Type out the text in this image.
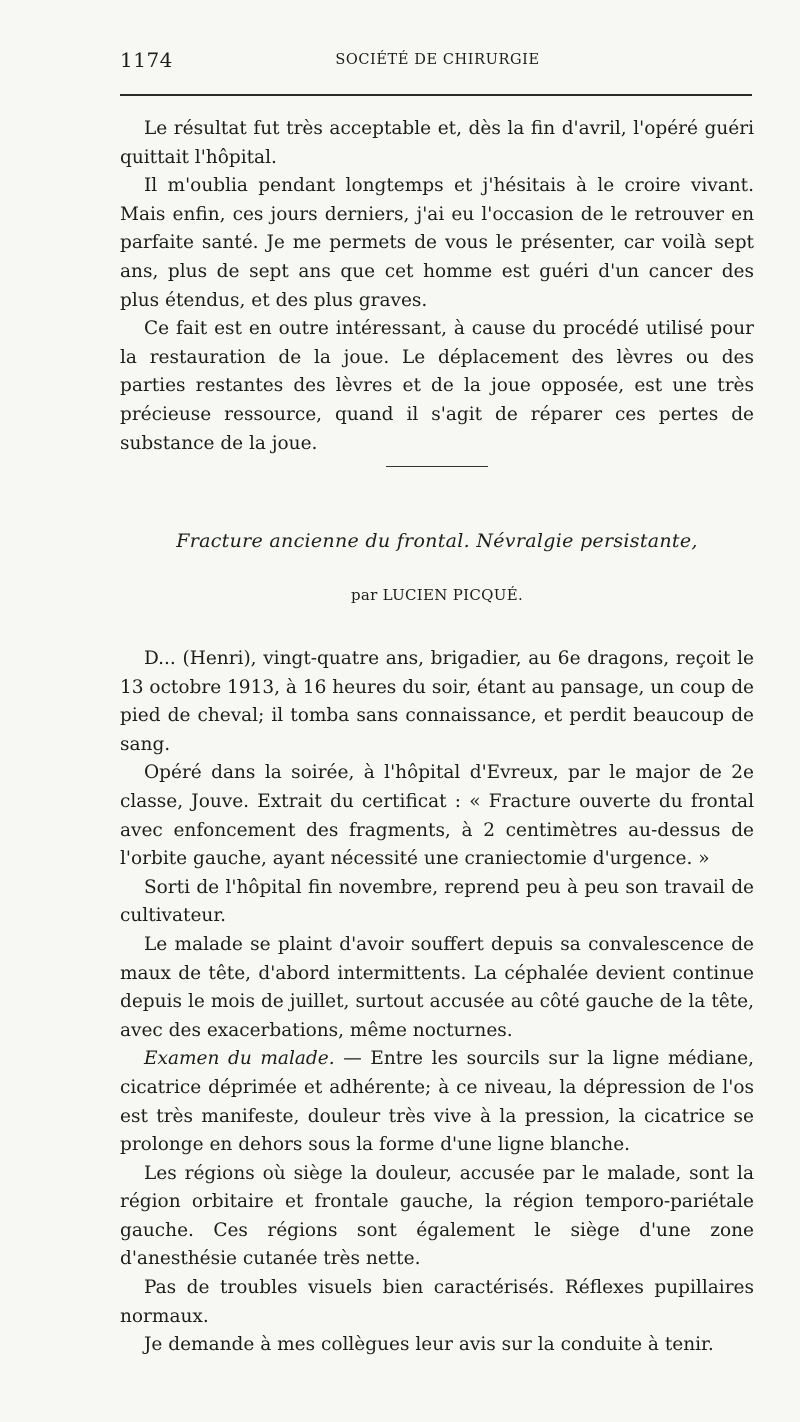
1174	SOCIÉTÉ DE CHIRURGIE

Le résultat fut très acceptable et, dès la fin d'avril, l'opéré guéri quittait l'hôpital.

Il m'oublia pendant longtemps et j'hésitais à le croire vivant. Mais enfin, ces jours derniers, j'ai eu l'occasion de le retrouver en parfaite santé. Je me permets de vous le présenter, car voilà sept ans, plus de sept ans que cet homme est guéri d'un cancer des plus étendus, et des plus graves.

Ce fait est en outre intéressant, à cause du procédé utilisé pour la restauration de la joue. Le déplacement des lèvres ou des parties restantes des lèvres et de la joue opposée, est une très précieuse ressource, quand il s'agit de réparer ces pertes de substance de la joue.

Fracture ancienne du frontal. Névralgie persistante,
par LUCIEN PICQUÉ.

D... (Henri), vingt-quatre ans, brigadier, au 6e dragons, reçoit le 13 octobre 1913, à 16 heures du soir, étant au pansage, un coup de pied de cheval; il tomba sans connaissance, et perdit beaucoup de sang.

Opéré dans la soirée, à l'hôpital d'Evreux, par le major de 2e classe, Jouve. Extrait du certificat : « Fracture ouverte du frontal avec enfoncement des fragments, à 2 centimètres au-dessus de l'orbite gauche, ayant nécessité une craniectomie d'urgence. »

Sorti de l'hôpital fin novembre, reprend peu à peu son travail de cultivateur.

Le malade se plaint d'avoir souffert depuis sa convalescence de maux de tête, d'abord intermittents. La céphalée devient continue depuis le mois de juillet, surtout accusée au côté gauche de la tête, avec des exacerbations, même nocturnes.

Examen du malade. — Entre les sourcils sur la ligne médiane, cicatrice déprimée et adhérente; à ce niveau, la dépression de l'os est très manifeste, douleur très vive à la pression, la cicatrice se prolonge en dehors sous la forme d'une ligne blanche.

Les régions où siège la douleur, accusée par le malade, sont la région orbitaire et frontale gauche, la région temporo-pariétale gauche. Ces régions sont également le siège d'une zone d'anesthésie cutanée très nette.

Pas de troubles visuels bien caractérisés. Réflexes pupillaires normaux.

Je demande à mes collègues leur avis sur la conduite à tenir.
